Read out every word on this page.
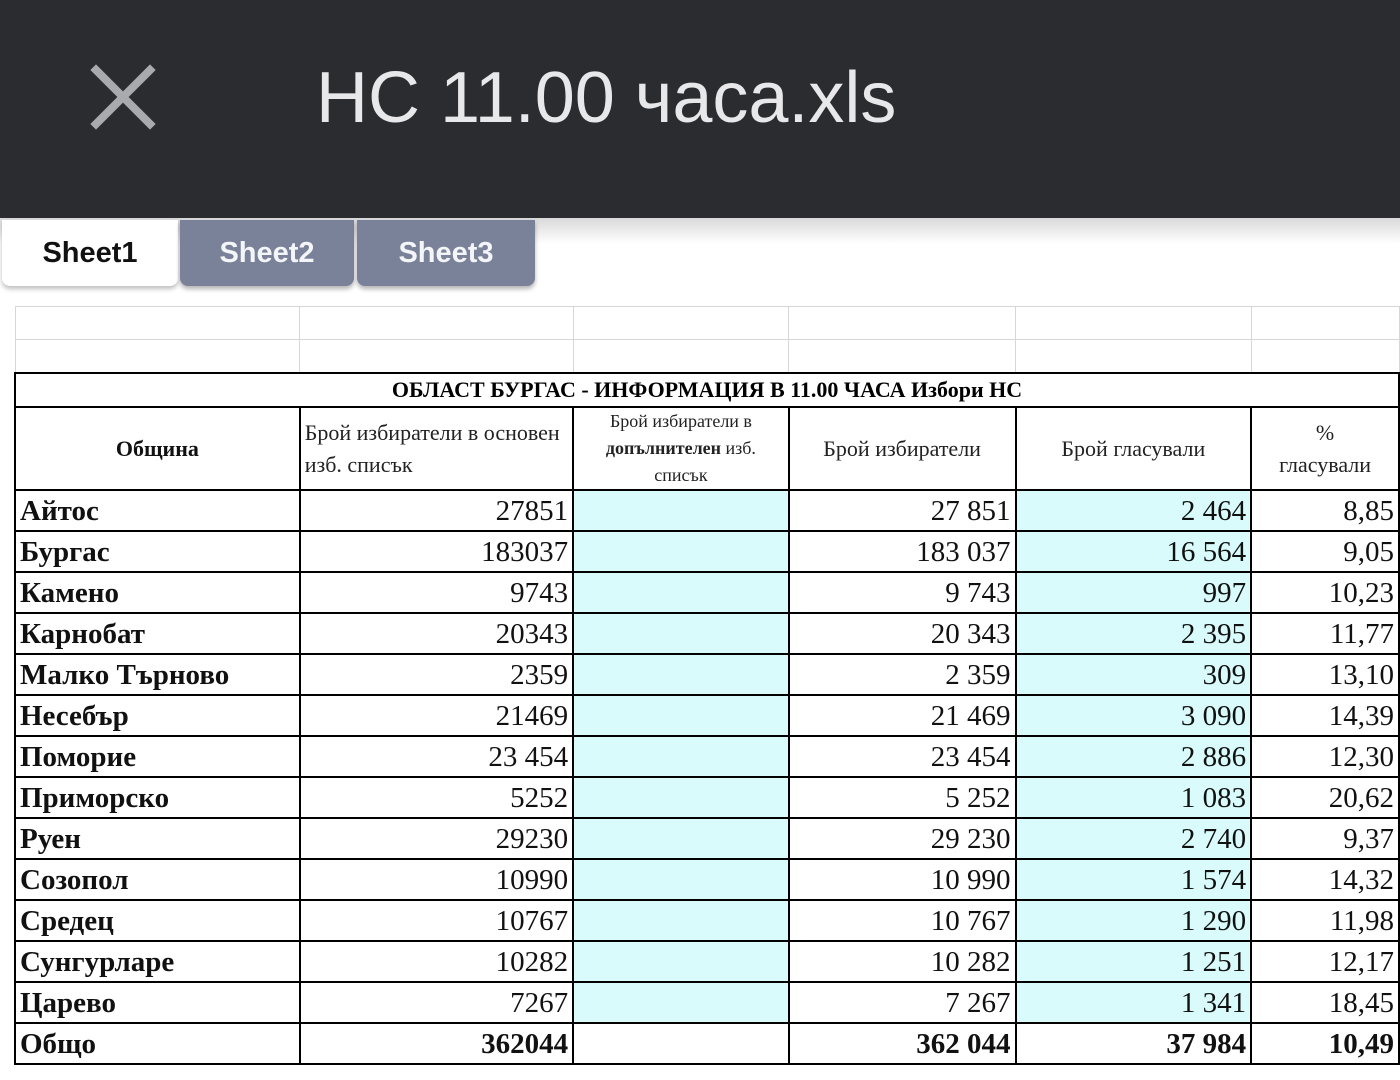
НС 11.00 часа.xls
Sheet1	Sheet2	Sheet3

ОБЛАСТ БУРГАС - ИНФОРМАЦИЯ В 11.00 ЧАСА Избори НС					
Община	Брой избиратели в основен изб. списък	Брой избиратели в
допълнителен изб.
списък	Брой избиратели	Брой гласували	%
гласували
Айтос	27851		27 851	2 464	8,85
Бургас	183037		183 037	16 564	9,05
Камено	9743		9 743	997	10,23
Карнобат	20343		20 343	2 395	11,77
Малко Търново	2359		2 359	309	13,10
Несебър	21469		21 469	3 090	14,39
Поморие	23 454		23 454	2 886	12,30
Приморско	5252		5 252	1 083	20,62
Руен	29230		29 230	2 740	9,37
Созопол	10990		10 990	1 574	14,32
Средец	10767		10 767	1 290	11,98
Сунгурларе	10282		10 282	1 251	12,17
Царево	7267		7 267	1 341	18,45
Общо	362044		362 044	37 984	10,49
